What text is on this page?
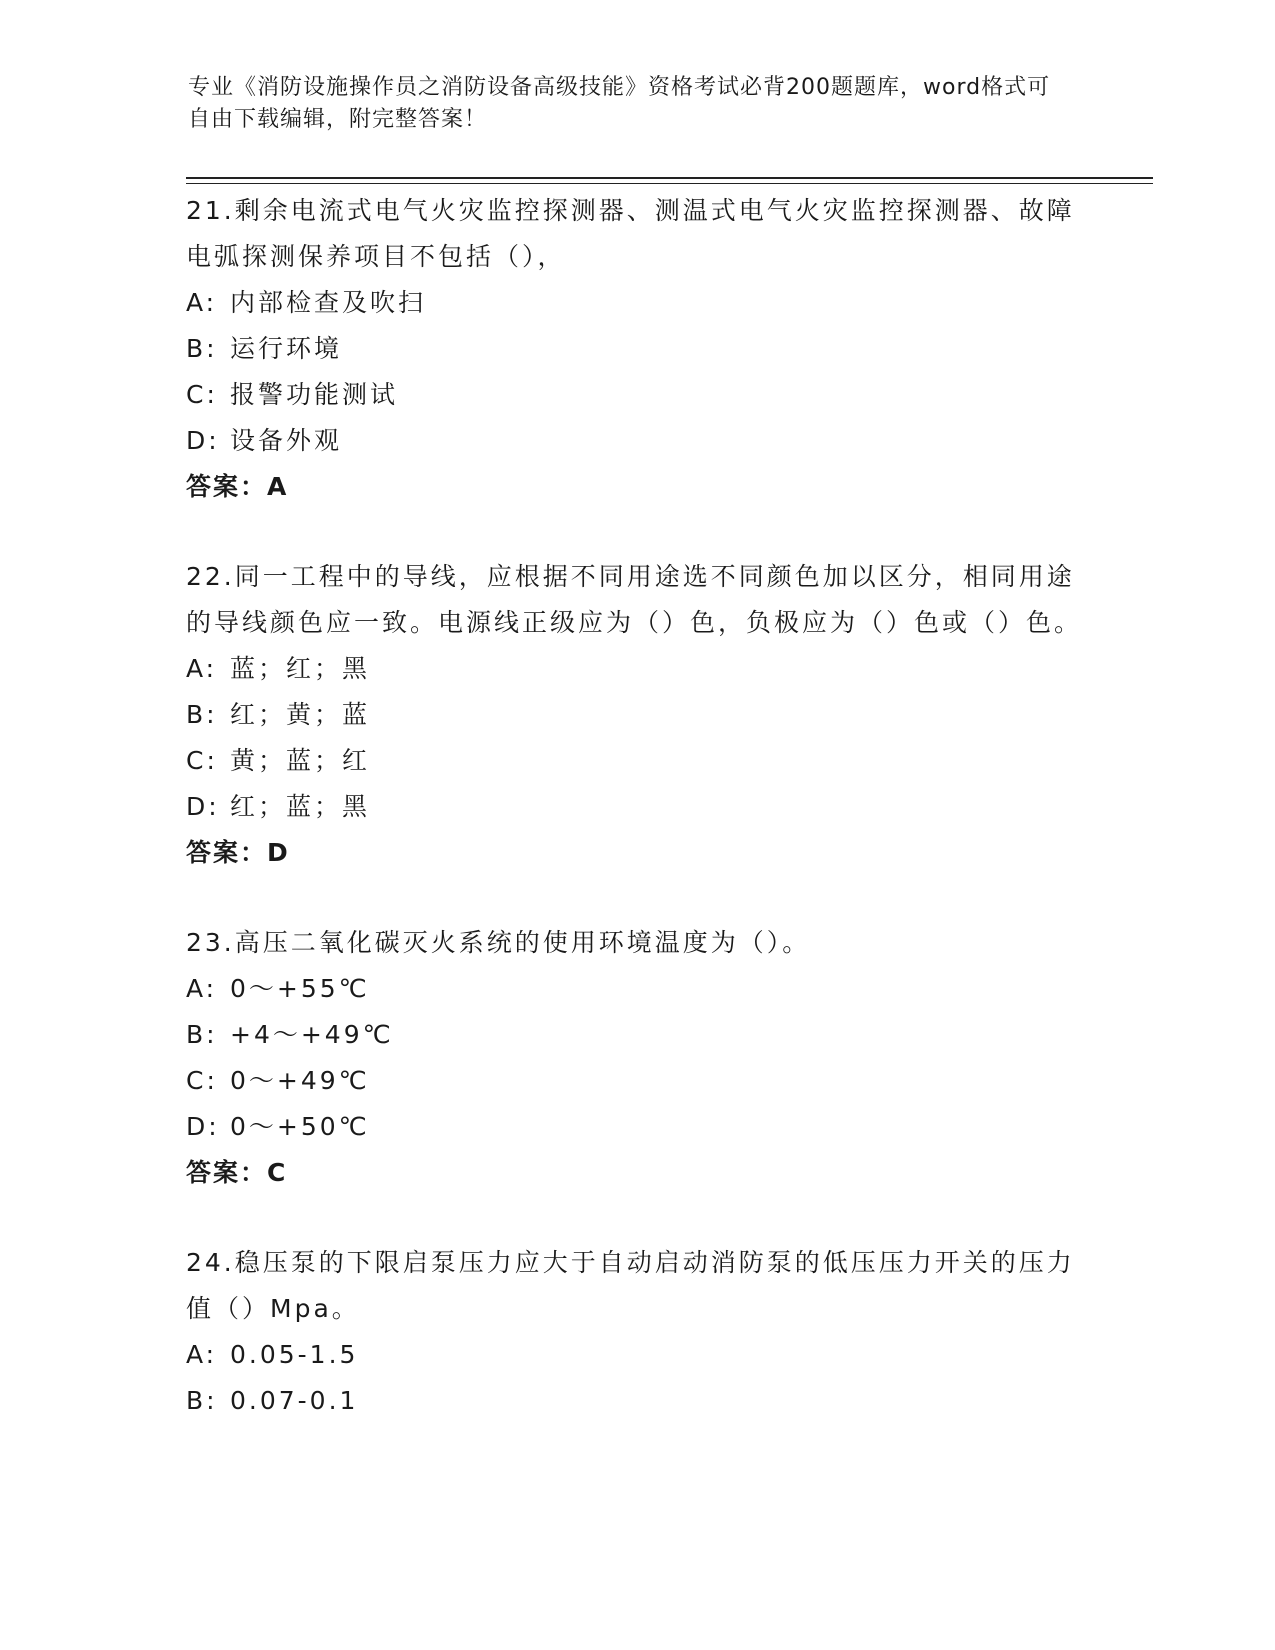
专业《消防设施操作员之消防设备高级技能》资格考试必背200题题库，word格式可自由下载编辑，附完整答案！
21.剩余电流式电气火灾监控探测器、测温式电气火灾监控探测器、故障电弧探测保养项目不包括（），
A: 内部检查及吹扫
B: 运行环境
C: 报警功能测试
D: 设备外观
答案：A
22.同一工程中的导线，应根据不同用途选不同颜色加以区分，相同用途的导线颜色应一致。电源线正级应为（）色，负极应为（）色或（）色。
A: 蓝；红；黑
B: 红；黄；蓝
C: 黄；蓝；红
D: 红；蓝；黑
答案：D
23.高压二氧化碳灭火系统的使用环境温度为（）。
A: 0～+55℃
B: +4～+49℃
C: 0～+49℃
D: 0～+50℃
答案：C
24.稳压泵的下限启泵压力应大于自动启动消防泵的低压压力开关的压力值（）Mpa。
A: 0.05-1.5
B: 0.07-0.1
